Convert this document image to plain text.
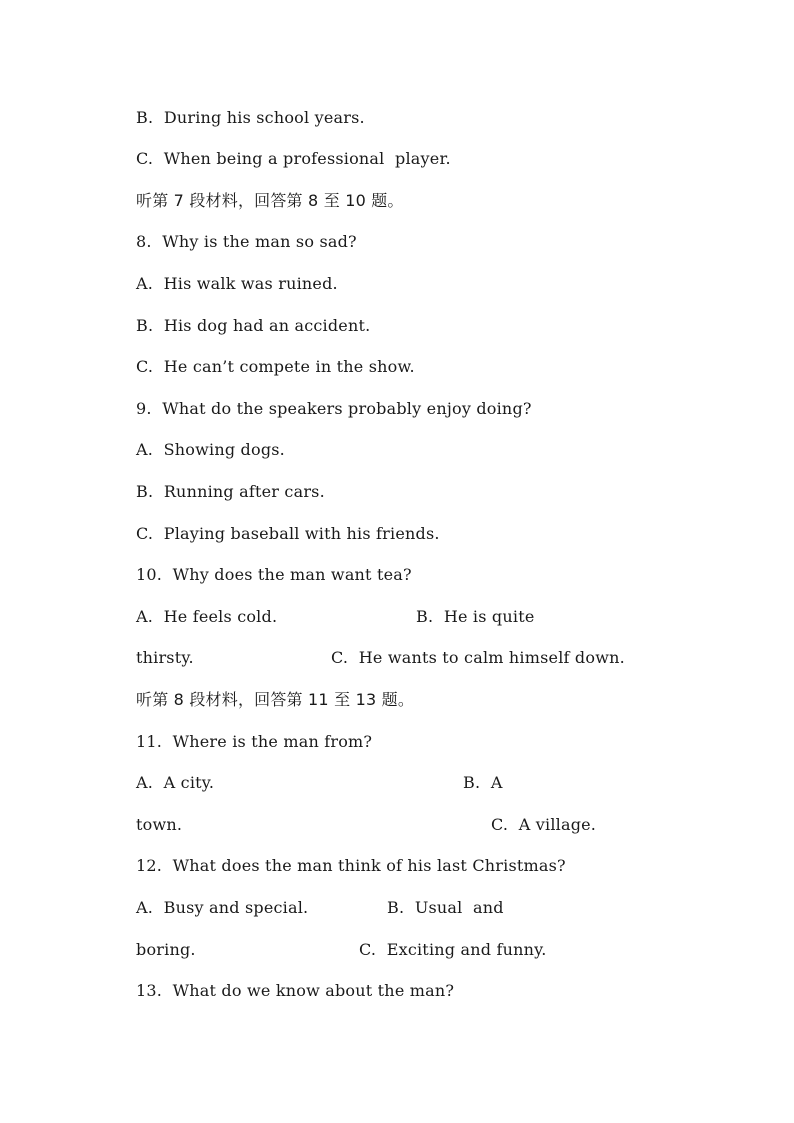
B.  During his school years.
C.  When being a professional  player.
听第 7 段材料，回答第 8 至 10 题。
8.  Why is the man so sad?
A.  His walk was ruined.
B.  His dog had an accident.
C.  He can’t compete in the show.
9.  What do the speakers probably enjoy doing?
A.  Showing dogs.
B.  Running after cars.
C.  Playing baseball with his friends.
10.  Why does the man want tea?

A.  He feels cold.

	B.  He is quite

thirsty.

	C.  He wants to calm himself down.

听第 8 段材料，回答第 11 至 13 题。
11.  Where is the man from?

A.  A city.

	B.  A

town.

	C.  A village.

12.  What does the man think of his last Christmas?

A.  Busy and special.

	B.  Usual  and

boring.

	C.  Exciting and funny.

13.  What do we know about the man?
